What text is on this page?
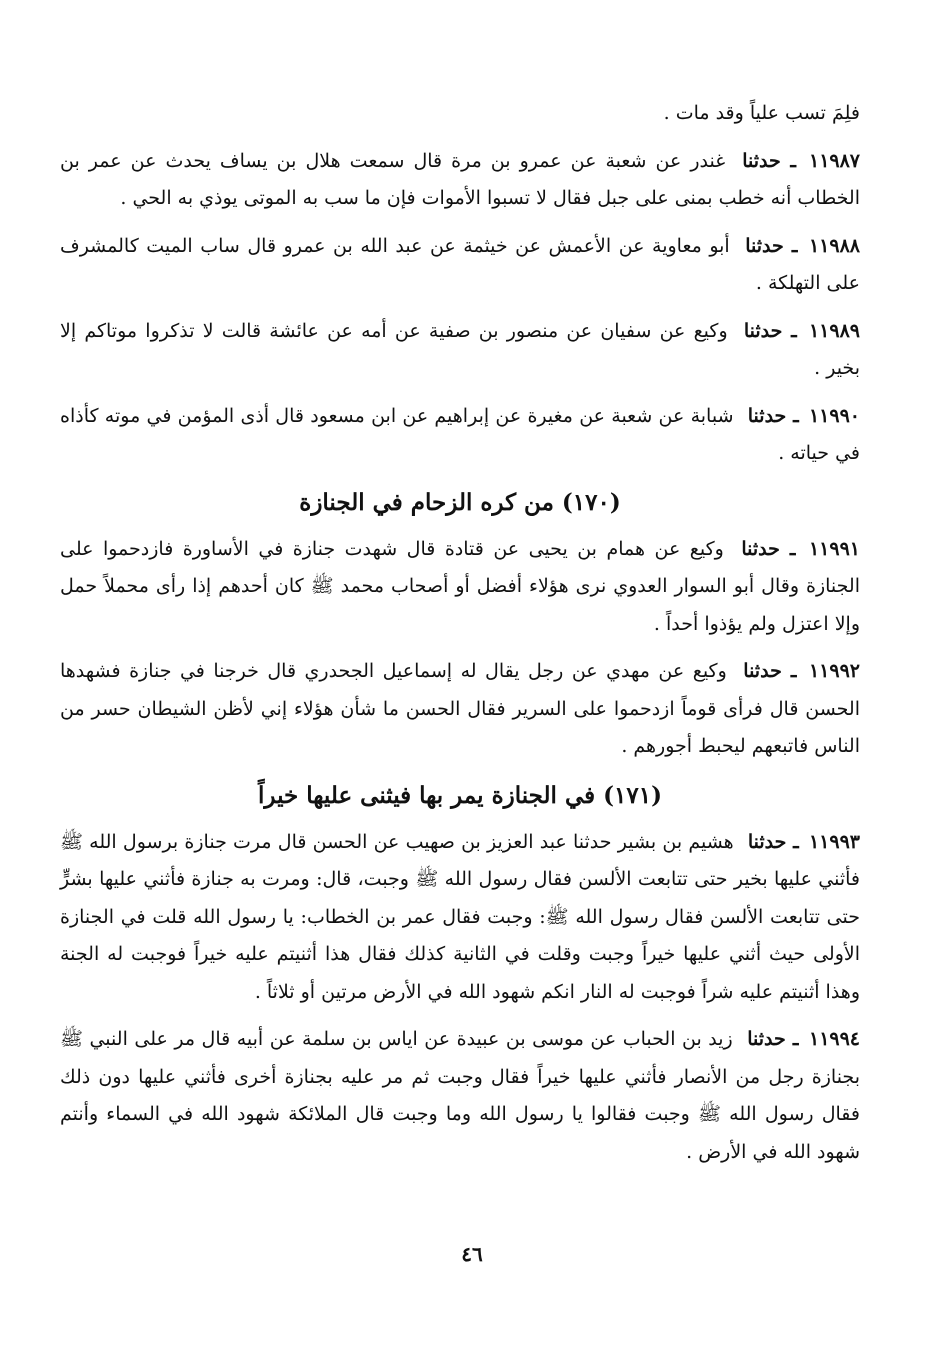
فلِمَ تسب علياً وقد مات .

١١٩٨٧ ـ حدثنا غندر عن شعبة عن عمرو بن مرة قال سمعت هلال بن يساف يحدث عن عمر بن الخطاب أنه خطب بمنى على جبل فقال لا تسبوا الأموات فإن ما سب به الموتى يوذي به الحي .

١١٩٨٨ ـ حدثنا أبو معاوية عن الأعمش عن خيثمة عن عبد الله بن عمرو قال ساب الميت كالمشرف على التهلكة .

١١٩٨٩ ـ حدثنا وكيع عن سفيان عن منصور بن صفية عن أمه عن عائشة قالت لا تذكروا موتاكم إلا بخير .

١١٩٩٠ ـ حدثنا شبابة عن شعبة عن مغيرة عن إبراهيم عن ابن مسعود قال أذى المؤمن في موته كأذاه في حياته .

(١٧٠) من كره الزحام في الجنازة

١١٩٩١ ـ حدثنا وكيع عن همام بن يحيى عن قتادة قال شهدت جنازة في الأساورة فازدحموا على الجنازة وقال أبو السوار العدوي نرى هؤلاء أفضل أو أصحاب محمد ﷺ كان أحدهم إذا رأى محملاً حمل وإلا اعتزل ولم يؤذوا أحداً .

١١٩٩٢ ـ حدثنا وكيع عن مهدي عن رجل يقال له إسماعيل الجحدري قال خرجنا في جنازة فشهدها الحسن قال فرأى قوماً ازدحموا على السرير فقال الحسن ما شأن هؤلاء إني لأظن الشيطان حسر من الناس فاتبعهم ليحبط أجورهم .

(١٧١) في الجنازة يمر بها فيثنى عليها خيراً

١١٩٩٣ ـ حدثنا هشيم بن بشير حدثنا عبد العزيز بن صهيب عن الحسن قال مرت جنازة برسول الله ﷺ فأثني عليها بخير حتى تتابعت الألسن فقال رسول الله ﷺ وجبت، قال: ومرت به جنازة فأثني عليها بشرٍّ حتى تتابعت الألسن فقال رسول الله ﷺ: وجبت فقال عمر بن الخطاب: يا رسول الله قلت في الجنازة الأولى حيث أثني عليها خيراً وجبت وقلت في الثانية كذلك فقال هذا أثنيتم عليه خيراً فوجبت له الجنة وهذا أثنيتم عليه شراً فوجبت له النار انكم شهود الله في الأرض مرتين أو ثلاثاً .

١١٩٩٤ ـ حدثنا زيد بن الحباب عن موسى بن عبيدة عن اياس بن سلمة عن أبيه قال مر على النبي ﷺ بجنازة رجل من الأنصار فأثني عليها خيراً فقال وجبت ثم مر عليه بجنازة أخرى فأثني عليها دون ذلك فقال رسول الله ﷺ وجبت فقالوا يا رسول الله وما وجبت قال الملائكة شهود الله في السماء وأنتم شهود الله في الأرض .

٤٦
